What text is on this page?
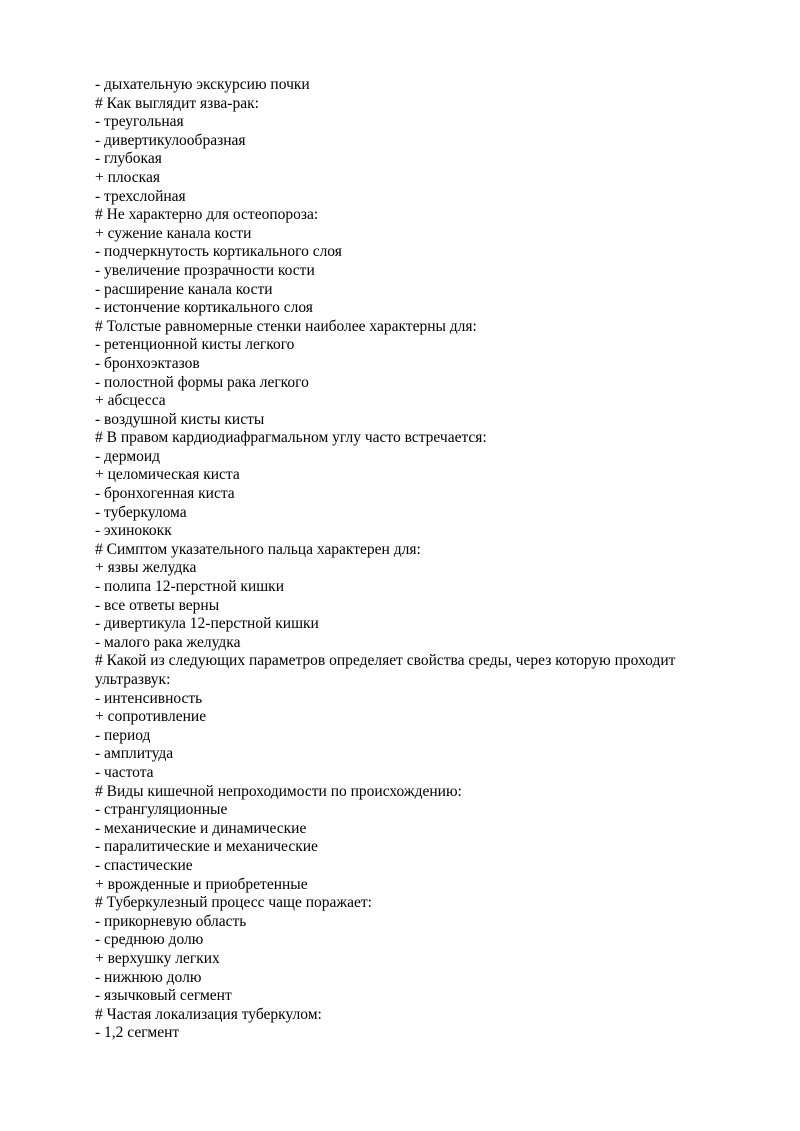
- дыхательную экскурсию почки
# Как выглядит язва-рак:
- треугольная
- дивертикулообразная
- глубокая
+ плоская
- трехслойная
# Не характерно для остеопороза:
+ сужение канала кости
- подчеркнутость кортикального слоя
- увеличение прозрачности кости
- расширение канала кости
- истончение кортикального слоя
# Толстые равномерные стенки наиболее характерны для:
- ретенционной кисты легкого
- бронхоэктазов
- полостной формы рака легкого
+ абсцесса
- воздушной кисты кисты
# В правом кардиодиафрагмальном углу часто встречается:
- дермоид
+ целомическая киста
- бронхогенная киста
- туберкулома
- эхинококк
# Симптом указательного пальца характерен для:
+ язвы желудка
- полипа 12-перстной кишки
- все ответы верны
- дивертикула 12-перстной кишки
- малого рака желудка
# Какой из следующих параметров определяет свойства среды, через которую проходит
ультразвук:
- интенсивность
+ сопротивление
- период
- амплитуда
- частота
# Виды кишечной непроходимости по происхождению:
- странгуляционные
- механические и динамические
- паралитические и механические
- спастические
+ врожденные и приобретенные
# Туберкулезный процесс чаще поражает:
- прикорневую область
- среднюю долю
+ верхушку легких
- нижнюю долю
- язычковый сегмент
# Частая локализация туберкулом:
- 1,2 сегмент
